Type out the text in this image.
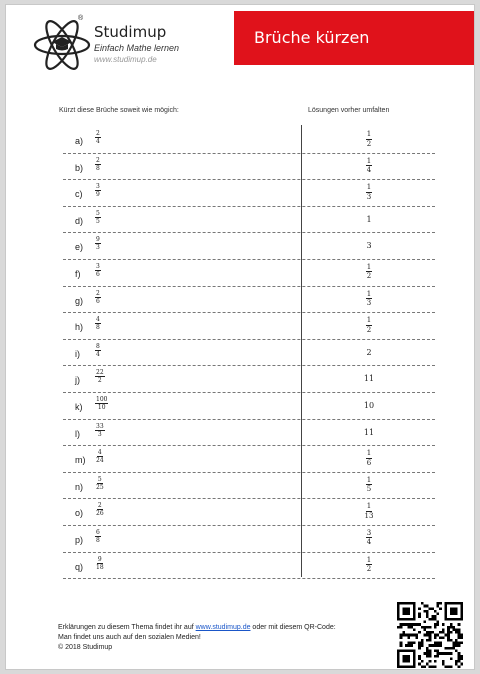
®
Studimup
Einfach Mathe lernen
www.studimup.de
Brüche kürzen
Kürzt diese Brüche soweit wie mögich:	Lösungen vorher umfalten
$a) \frac{2}{4}$	$\frac{1}{2}$
$b) \frac{2}{8}$	$\frac{1}{4}$
$c) \frac{3}{9}$	$\frac{1}{3}$
$d) \frac{5}{5}$	1
$e) \frac{9}{3}$	3
$f) \frac{3}{6}$	$\frac{1}{2}$
$g) \frac{2}{6}$	$\frac{1}{3}$
$h) \frac{4}{8}$	$\frac{1}{2}$
i)	$\frac{8}{4}$	2
j)	$\frac{22}{2}$	11
$k) \frac{100}{10}$	10
l)	$\frac{33}{3}$	11
$m) \frac{4}{24}$	$\frac{1}{6}$
$n) \frac{5}{25}$	$\frac{1}{5}$
$o) \frac{2}{26}$	$\frac{1}{13}$
$p) \frac{6}{8}$	$\frac{3}{4}$
$q) \frac{9}{18}$	$\frac{1}{2}$
Erklärungen zu diesem Thema findet ihr auf www.studimup.de oder mit diesem QR-Code:
Man findet uns auch auf den sozialen Medien!
© 2018 Studimup
